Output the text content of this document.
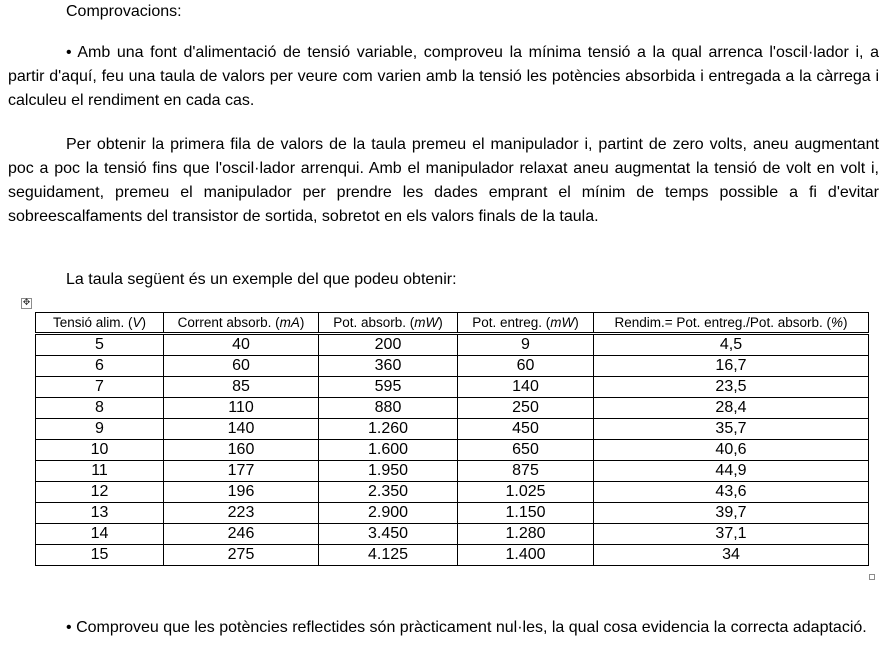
Comprovacions:

• Amb una font d'alimentació de tensió variable, comproveu la mínima tensió a la qual arrenca l'oscil·lador i, a partir d'aquí, feu una taula de valors per veure com varien amb la tensió les potències absorbida i entregada a la càrrega i calculeu el rendiment en cada cas.

Per obtenir la primera fila de valors de la taula premeu el manipulador i, partint de zero volts, aneu augmentant poc a poc la tensió fins que l'oscil·lador arrenqui. Amb el manipulador relaxat aneu augmentat la tensió de volt en volt i, seguidament, premeu el manipulador per prendre les dades emprant el mínim de temps possible a fi d'evitar sobreescalfaments del transistor de sortida, sobretot en els valors finals de la taula.

La taula següent és un exemple del que podeu obtenir:
✥
Tensió alim. (V)	Corrent absorb. (mA)	Pot. absorb. (mW)	Pot. entreg. (mW)	Rendim.= Pot. entreg./Pot. absorb. (%)
5	40	200	9	4,5
6	60	360	60	16,7
7	85	595	140	23,5
8	110	880	250	28,4
9	140	1.260	450	35,7
10	160	1.600	650	40,6
11	177	1.950	875	44,9
12	196	2.350	1.025	43,6
13	223	2.900	1.150	39,7
14	246	3.450	1.280	37,1
15	275	4.125	1.400	34

• Comproveu que les potències reflectides són pràcticament nul·les, la qual cosa evidencia la correcta adaptació.
